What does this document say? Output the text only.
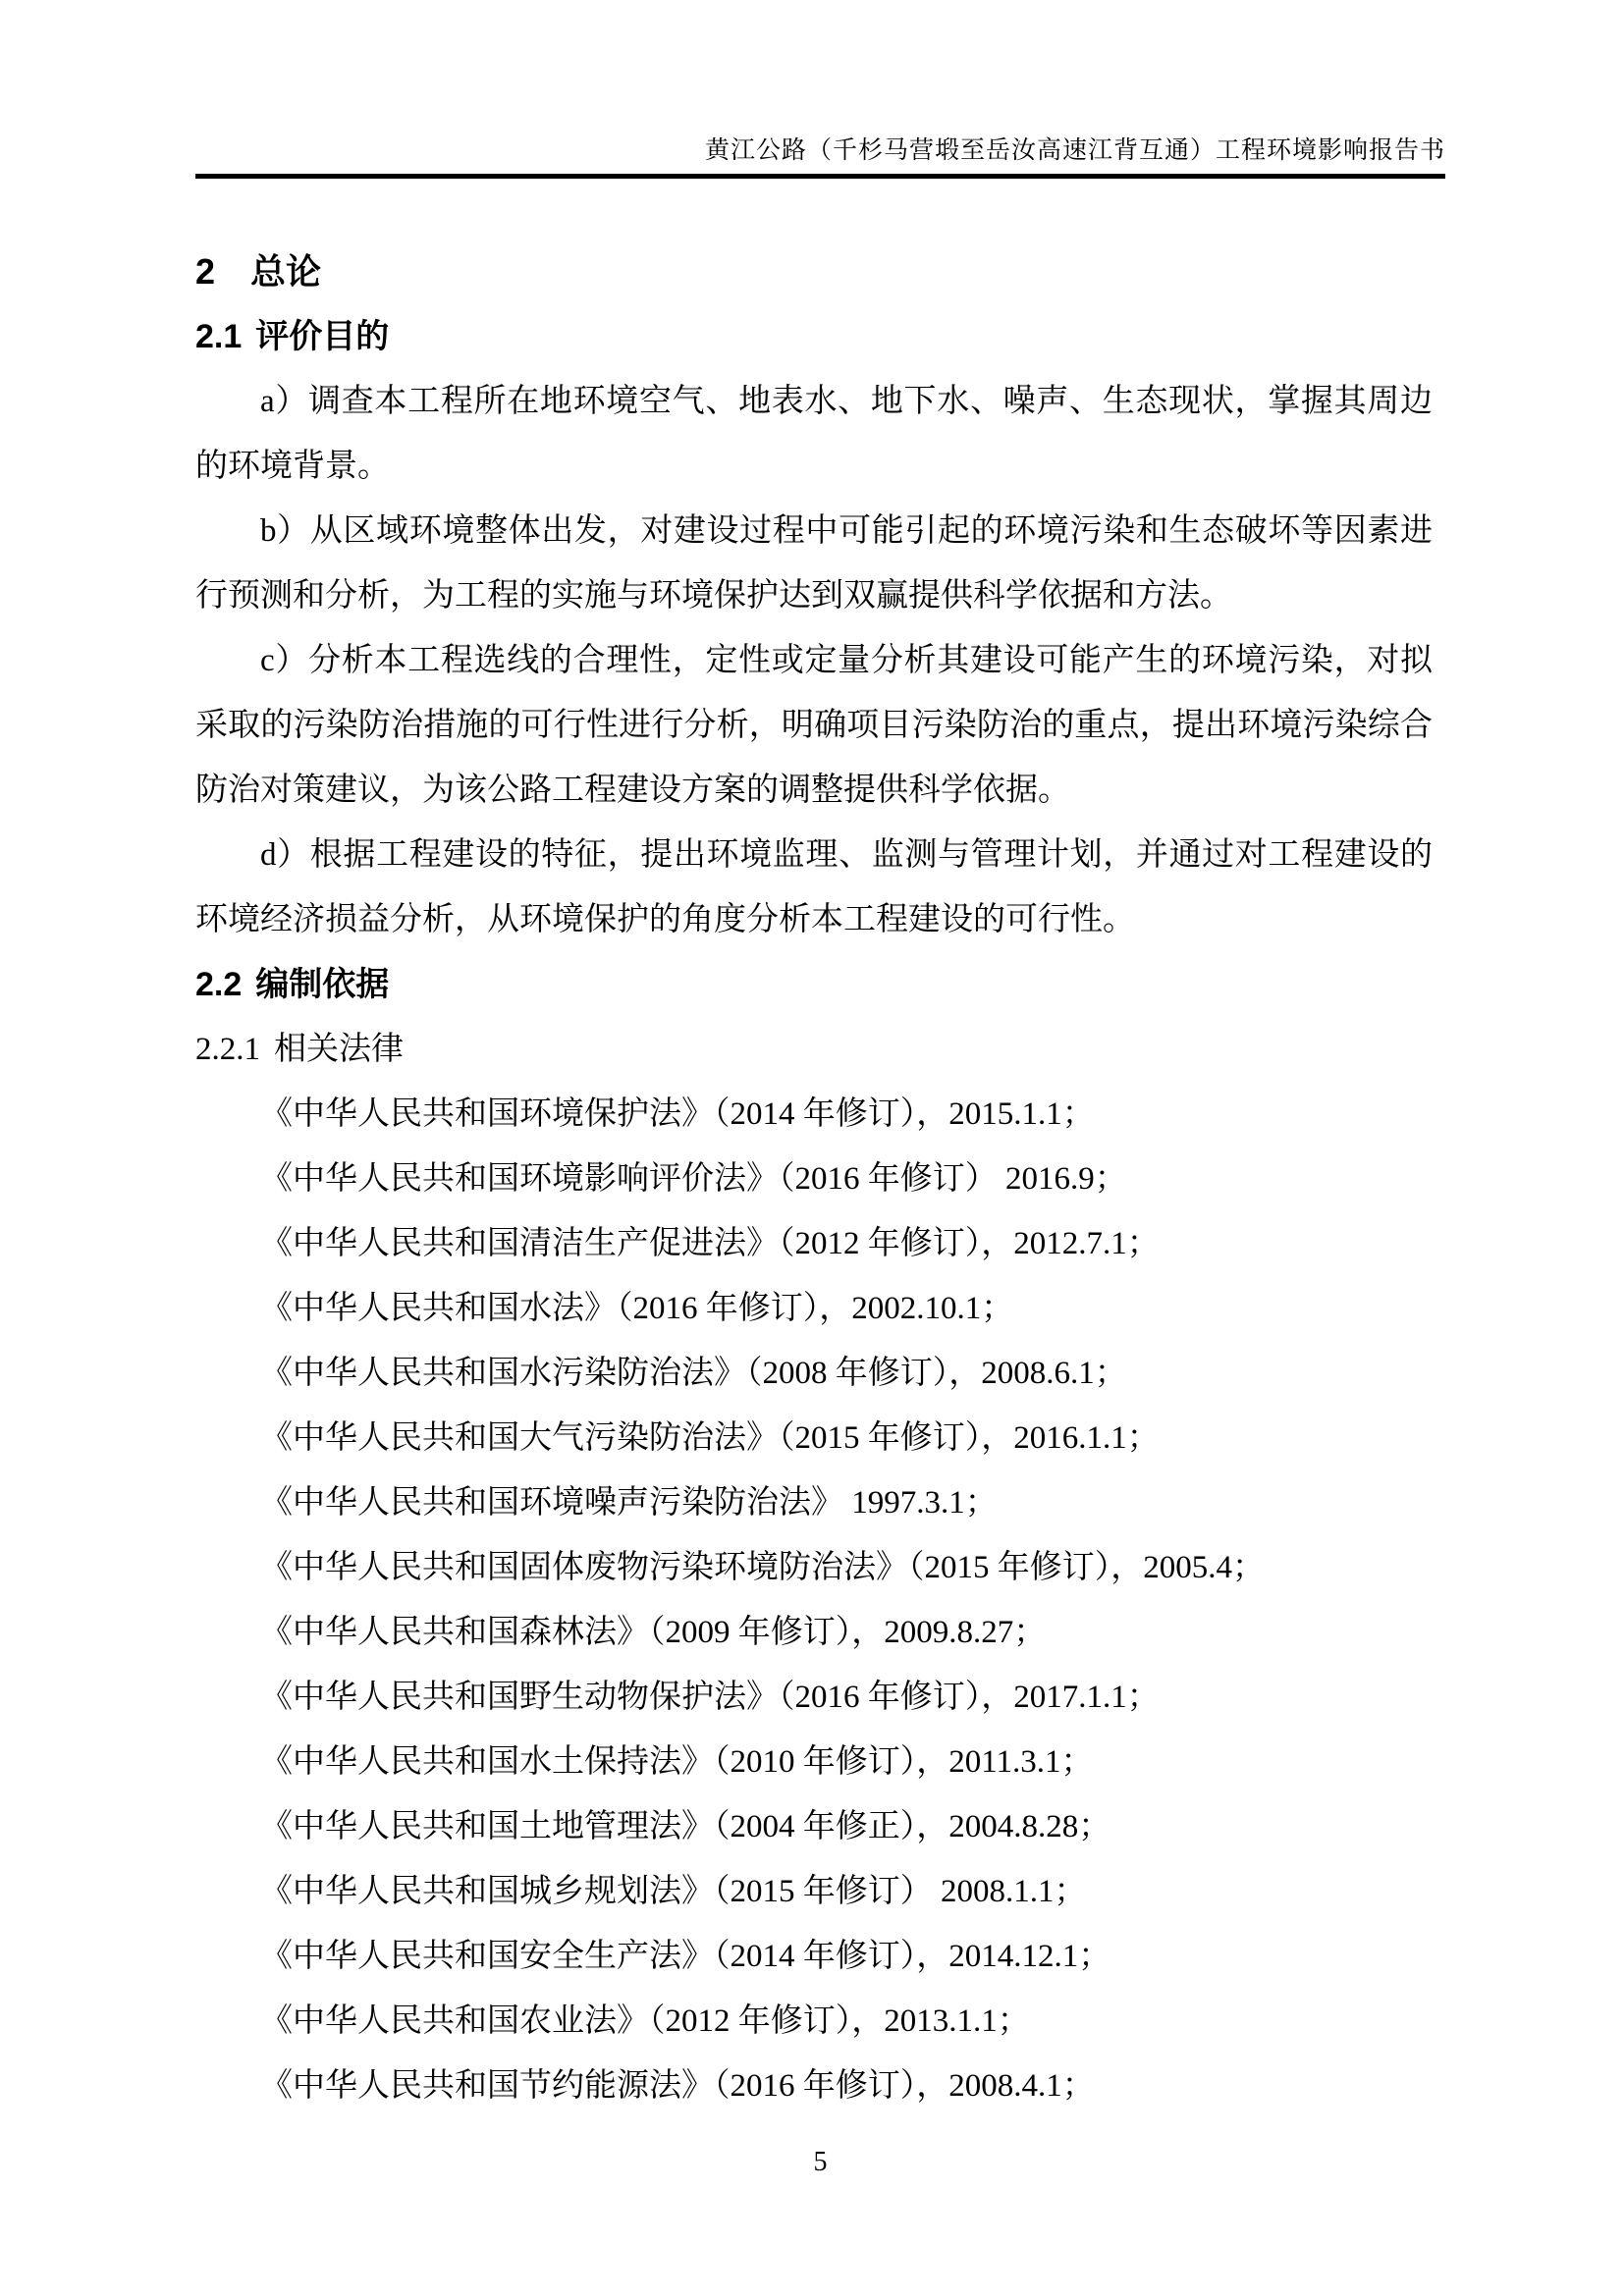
黄江公路（千杉马营塅至岳汝高速江背互通）工程环境影响报告书
2 总论
2.1 评价目的

a）调查本工程所在地环境空气、地表水、地下水、噪声、生态现状，掌握其周边的环境背景。

b）从区域环境整体出发，对建设过程中可能引起的环境污染和生态破坏等因素进行预测和分析，为工程的实施与环境保护达到双赢提供科学依据和方法。

c）分析本工程选线的合理性，定性或定量分析其建设可能产生的环境污染，对拟采取的污染防治措施的可行性进行分析，明确项目污染防治的重点，提出环境污染综合防治对策建议，为该公路工程建设方案的调整提供科学依据。

d）根据工程建设的特征，提出环境监理、监测与管理计划，并通过对工程建设的环境经济损益分析，从环境保护的角度分析本工程建设的可行性。

2.2 编制依据
2.2.1 相关法律

《中华人民共和国环境保护法》（2014 年修订），2015.1.1；

《中华人民共和国环境影响评价法》（2016 年修订） 2016.9；

《中华人民共和国清洁生产促进法》（2012 年修订），2012.7.1；

《中华人民共和国水法》（2016 年修订），2002.10.1；

《中华人民共和国水污染防治法》（2008 年修订），2008.6.1；

《中华人民共和国大气污染防治法》（2015 年修订），2016.1.1；

《中华人民共和国环境噪声污染防治法》 1997.3.1；

《中华人民共和国固体废物污染环境防治法》（2015 年修订），2005.4；

《中华人民共和国森林法》（2009 年修订），2009.8.27；

《中华人民共和国野生动物保护法》（2016 年修订），2017.1.1；

《中华人民共和国水土保持法》（2010 年修订），2011.3.1；

《中华人民共和国土地管理法》（2004 年修正），2004.8.28；

《中华人民共和国城乡规划法》（2015 年修订） 2008.1.1；

《中华人民共和国安全生产法》（2014 年修订），2014.12.1；

《中华人民共和国农业法》（2012 年修订），2013.1.1；

《中华人民共和国节约能源法》（2016 年修订），2008.4.1；

5
